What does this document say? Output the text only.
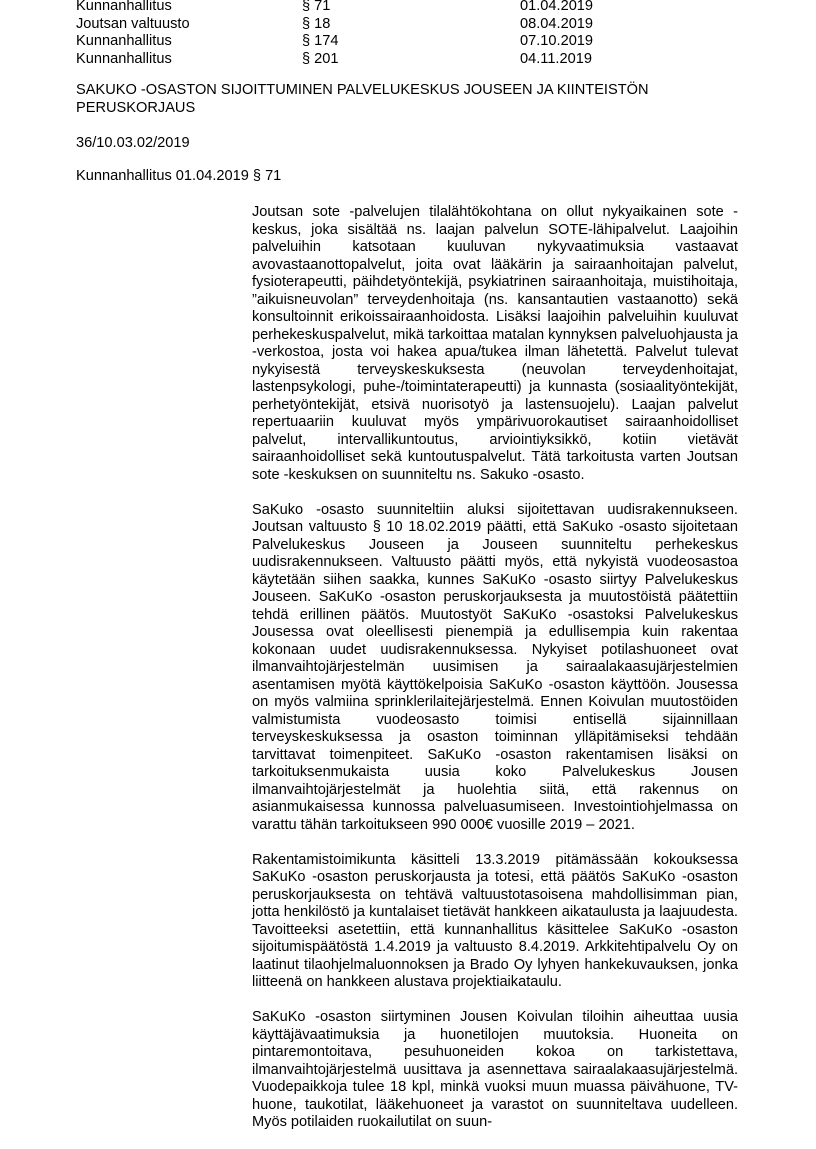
Kunnanhallitus	§ 71	01.04.2019
Joutsan valtuusto	§ 18	08.04.2019
Kunnanhallitus	§ 174	07.10.2019
Kunnanhallitus	§ 201	04.11.2019
SAKUKO -OSASTON SIJOITTUMINEN PALVELUKESKUS JOUSEEN JA KIINTEISTÖN PERUSKORJAUS

36/10.03.02/2019

Kunnanhallitus 01.04.2019 § 71

Joutsan sote -palvelujen tilalähtökohtana on ollut nykyaikainen sote -keskus, joka sisältää ns. laajan palvelun SOTE-lähipalvelut. Laajoihin palveluihin katsotaan kuuluvan nykyvaatimuksia vastaavat avovastaanottopalvelut, joita ovat lääkärin ja sairaanhoitajan palvelut, fysioterapeutti, päihdetyöntekijä, psykiatrinen sairaanhoitaja, muistihoitaja, ”aikuisneuvolan” terveydenhoitaja (ns. kansantautien vastaanotto) sekä konsultoinnit erikoissairaanhoidosta. Lisäksi laajoihin palveluihin kuuluvat perhekeskuspalvelut, mikä tarkoittaa matalan kynnyksen palveluohjausta ja -verkostoa, josta voi hakea apua/tukea ilman lähetettä. Palvelut tulevat nykyisestä terveyskeskuksesta (neuvolan terveydenhoitajat, lastenpsykologi, puhe-/toimintaterapeutti) ja kunnasta (sosiaalityöntekijät, perhetyöntekijät, etsivä nuorisotyö ja lastensuojelu). Laajan palvelut repertuaariin kuuluvat myös ympärivuorokautiset sairaanhoidolliset palvelut, intervallikuntoutus, arviointiyksikkö, kotiin vietävät sairaanhoidolliset sekä kuntoutuspalvelut. Tätä tarkoitusta varten Joutsan sote -keskuksen on suunniteltu ns. Sakuko -osasto.

SaKuko -osasto suunniteltiin aluksi sijoitettavan uudisrakennukseen. Joutsan valtuusto § 10 18.02.2019 päätti, että SaKuko -osasto sijoitetaan Palvelukeskus Jouseen ja Jouseen suunniteltu perhekeskus uudisrakennukseen. Valtuusto päätti myös, että nykyistä vuodeosastoa käytetään siihen saakka, kunnes SaKuKo -osasto siirtyy Palvelukeskus Jouseen. SaKuKo -osaston peruskorjauksesta ja muutostöistä päätettiin tehdä erillinen päätös. Muutostyöt SaKuKo -osastoksi Palvelukeskus Jousessa ovat oleellisesti pienempiä ja edullisempia kuin rakentaa kokonaan uudet uudisrakennuksessa. Nykyiset potilashuoneet ovat ilmanvaihtojärjestelmän uusimisen ja sairaalakaasujärjestelmien asentamisen myötä käyttökelpoisia SaKuKo -osaston käyttöön. Jousessa on myös valmiina sprinklerilaitejärjestelmä. Ennen Koivulan muutostöiden valmistumista vuodeosasto toimisi entisellä sijainnillaan terveyskeskuksessa ja osaston toiminnan ylläpitämiseksi tehdään tarvittavat toimenpiteet. SaKuKo -osaston rakentamisen lisäksi on tarkoituksenmukaista uusia koko Palvelukeskus Jousen ilmanvaihtojärjestelmät ja huolehtia siitä, että rakennus on asianmukaisessa kunnossa palveluasumiseen. Investointiohjelmassa on varattu tähän tarkoitukseen 990 000€ vuosille 2019 – 2021.

Rakentamistoimikunta käsitteli 13.3.2019 pitämässään kokouksessa SaKuKo -osaston peruskorjausta ja totesi, että päätös SaKuKo -osaston peruskorjauksesta on tehtävä valtuustotasoisena mahdollisimman pian, jotta henkilöstö ja kuntalaiset tietävät hankkeen aikataulusta ja laajuudesta. Tavoitteeksi asetettiin, että kunnanhallitus käsittelee SaKuKo -osaston sijoitumispäätöstä 1.4.2019 ja valtuusto 8.4.2019. Arkkitehtipalvelu Oy on laatinut tilaohjelmaluonnoksen ja Brado Oy lyhyen hankekuvauksen, jonka liitteenä on hankkeen alustava projektiaikataulu.

SaKuKo -osaston siirtyminen Jousen Koivulan tiloihin aiheuttaa uusia käyttäjävaatimuksia ja huonetilojen muutoksia. Huoneita on pintaremontoitava, pesuhuoneiden kokoa on tarkistettava, ilmanvaihtojärjestelmä uusittava ja asennettava sairaalakaasujärjestelmä. Vuodepaikkoja tulee 18 kpl, minkä vuoksi muun muassa päivähuone, TV-huone, taukotilat, lääkehuoneet ja varastot on suunniteltava uudelleen. Myös potilaiden ruokailutilat on suun-
